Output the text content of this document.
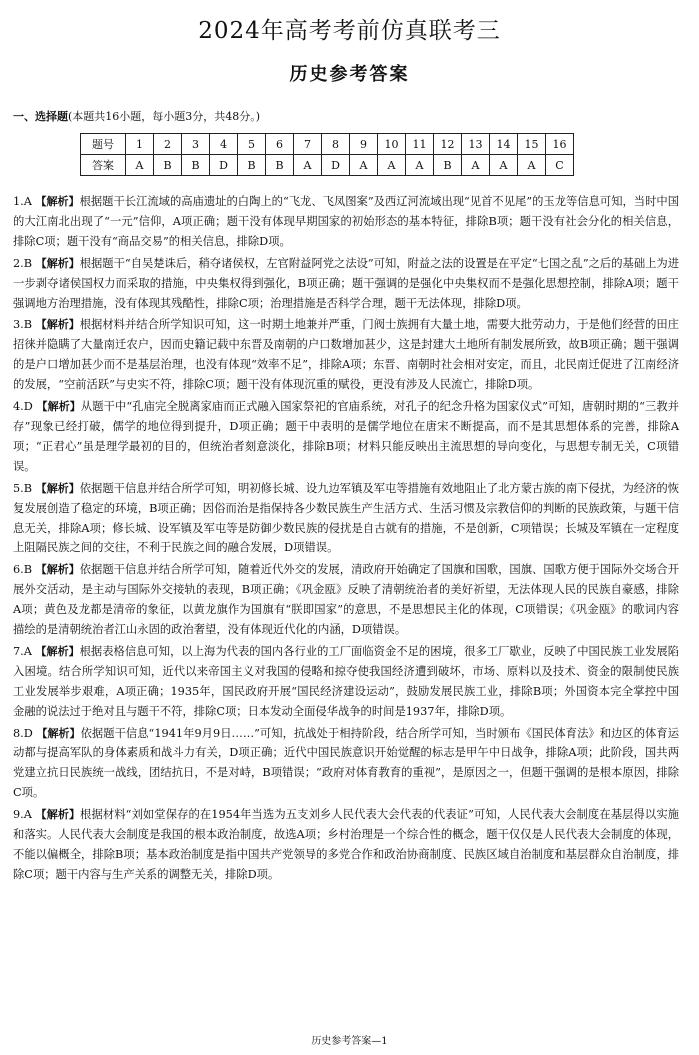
2024年高考考前仿真联考三
历史参考答案
一、选择题(本题共16小题，每小题3分，共48分。)
题号	1	2	3	4	5	6	7	8	9	10	11	12	13	14	15	16
答案	A	B	B	D	B	B	A	D	A	A	A	B	A	A	A	C

1.A 【解析】根据题干长江流域的高庙遗址的白陶上的“飞龙、飞凤图案”及西辽河流域出现“见首不见尾”的玉龙等信息可知，当时中国的大江南北出现了“一元”信仰，A项正确；题干没有体现早期国家的初始形态的基本特征，排除B项；题干没有社会分化的相关信息，排除C项；题干没有“商品交易”的相关信息，排除D项。

2.B 【解析】根据题干“自吴楚诛后，稍夺诸侯权，左官附益阿党之法设”可知，附益之法的设置是在平定“七国之乱”之后的基础上为进一步剥夺诸侯国权力而采取的措施，中央集权得到强化，B项正确；题干强调的是强化中央集权而不是强化思想控制，排除A项；题干强调地方治理措施，没有体现其残酷性，排除C项；治理措施是否科学合理，题干无法体现，排除D项。

3.B 【解析】根据材料并结合所学知识可知，这一时期土地兼并严重，门阀士族拥有大量土地，需要大批劳动力，于是他们经营的田庄招徕并隐瞒了大量南迁农户，因而史籍记载中东晋及南朝的户口数增加甚少，这是封建大土地所有制发展所致，故B项正确；题干强调的是户口增加甚少而不是基层治理，也没有体现“效率不足”，排除A项；东晋、南朝时社会相对安定，而且，北民南迁促进了江南经济的发展，“空前活跃”与史实不符，排除C项；题干没有体现沉重的赋役，更没有涉及人民流亡，排除D项。

4.D 【解析】从题干中“孔庙完全脱离家庙而正式融入国家祭祀的官庙系统，对孔子的纪念升格为国家仪式”可知，唐朝时期的“三教并存”现象已经打破，儒学的地位得到提升，D项正确；题干中表明的是儒学地位在唐宋不断提高，而不是其思想体系的完善，排除A项；“正君心”虽是理学最初的目的，但统治者刻意淡化，排除B项；材料只能反映出主流思想的导向变化，与思想专制无关，C项错误。

5.B 【解析】依据题干信息并结合所学可知，明初修长城、设九边军镇及军屯等措施有效地阻止了北方蒙古族的南下侵扰，为经济的恢复发展创造了稳定的环境，B项正确；因俗而治是指保持各少数民族生产生活方式、生活习惯及宗教信仰的判断的民族政策，与题干信息无关，排除A项；修长城、设军镇及军屯等是防御少数民族的侵扰是自古就有的措施，不是创新，C项错误；长城及军镇在一定程度上阻隔民族之间的交往，不利于民族之间的融合发展，D项错误。

6.B 【解析】依据题干信息并结合所学可知，随着近代外交的发展，清政府开始确定了国旗和国歌，国旗、国歌方便于国际外交场合开展外交活动，是主动与国际外交接轨的表现，B项正确；《巩金瓯》反映了清朝统治者的美好祈望，无法体现人民的民族自豪感，排除A项；黄色及龙都是清帝的象征，以黄龙旗作为国旗有“朕即国家”的意思，不是思想民主化的体现，C项错误；《巩金瓯》的歌词内容描绘的是清朝统治者江山永固的政治奢望，没有体现近代化的内涵，D项错误。

7.A 【解析】根据表格信息可知，以上海为代表的国内各行业的工厂面临资金不足的困境，很多工厂歇业，反映了中国民族工业发展陷入困境。结合所学知识可知，近代以来帝国主义对我国的侵略和掠夺使我国经济遭到破坏，市场、原料以及技术、资金的限制使民族工业发展举步艰难，A项正确；1935年，国民政府开展“国民经济建设运动”，鼓励发展民族工业，排除B项；外国资本完全掌控中国金融的说法过于绝对且与题干不符，排除C项；日本发动全面侵华战争的时间是1937年，排除D项。

8.D 【解析】依据题干信息“1941年9月9日……”可知，抗战处于相持阶段，结合所学可知，当时颁布《国民体育法》和边区的体育运动都与提高军队的身体素质和战斗力有关，D项正确；近代中国民族意识开始觉醒的标志是甲午中日战争，排除A项；此阶段，国共两党建立抗日民族统一战线，团结抗日，不是对峙，B项错误；“政府对体育教育的重视”，是原因之一，但题干强调的是根本原因，排除C项。

9.A 【解析】根据材料“刘如堂保存的在1954年当选为五支刘乡人民代表大会代表的代表证”可知，人民代表大会制度在基层得以实施和落实。人民代表大会制度是我国的根本政治制度，故选A项；乡村治理是一个综合性的概念，题干仅仅是人民代表大会制度的体现，不能以偏概全，排除B项；基本政治制度是指中国共产党领导的多党合作和政治协商制度、民族区域自治制度和基层群众自治制度，排除C项；题干内容与生产关系的调整无关，排除D项。

历史参考答案—1
